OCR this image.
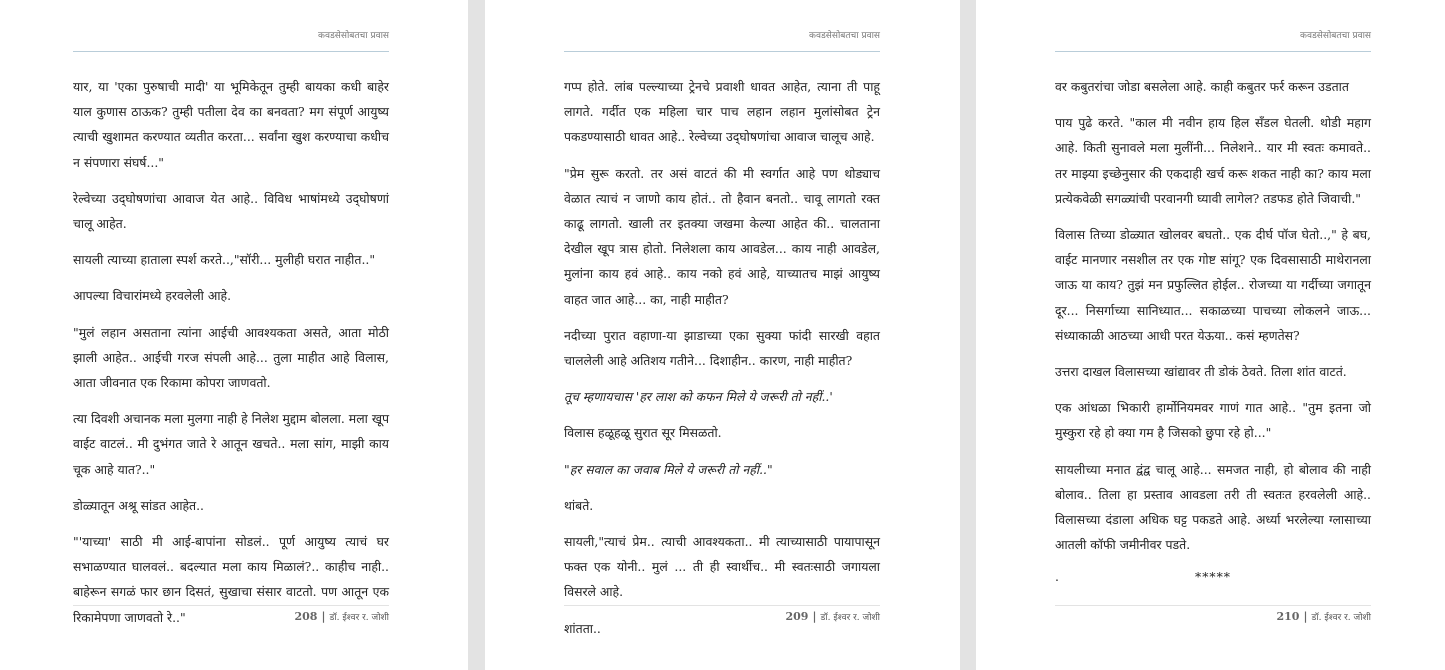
कवडसेसोबतचा प्रवास

यार, या 'एका पुरुषाची मादी' या भूमिकेतून तुम्ही बायका कधी बाहेर याल कुणास ठाऊक? तुम्ही पतीला देव का बनवता? मग संपूर्ण आयुष्य त्याची खुशामत करण्यात व्यतीत करता... सर्वांना खुश करण्याचा कधीच न संपणारा संघर्ष..."

रेल्वेच्या उद्‌घोषणांचा आवाज येत आहे.. विविध भाषांमध्ये उद्‌घोषणां चालू आहेत.

सायली त्याच्या हाताला स्पर्श करते..,"सॉरी... मुलीही घरात नाहीत.."

आपल्या विचारांमध्ये हरवलेली आहे.

"मुलं लहान असताना त्यांना आईची आवश्यकता असते, आता मोठी झाली आहेत.. आईची गरज संपली आहे... तुला माहीत आहे विलास, आता जीवनात एक रिकामा कोपरा जाणवतो.

त्या दिवशी अचानक मला मुलगा नाही हे निलेश मुद्दाम बोलला. मला खूप वाईट वाटलं.. मी दुभंगत जाते रे आतून खचते.. मला सांग, माझी काय चूक आहे यात?.."

डोळ्यातून अश्रू सांडत आहेत..

"'याच्या' साठी मी आई-बापांना सोडलं.. पूर्ण आयुष्य त्याचं घर सभाळण्यात घालवलं.. बदल्यात मला काय मिळालं?.. काहीच नाही.. बाहेरून सगळं फार छान दिसतं, सुखाचा संसार वाटतो. पण आतून एक रिकामेपणा जाणवतो रे.."	208 | डॉ. ईश्वर र. जोशी
कवडसेसोबतचा प्रवास

गप्प होते. लांब पल्ल्याच्या ट्रेनचे प्रवाशी धावत आहेत, त्याना ती पाहू लागते. गर्दीत एक महिला चार पाच लहान लहान मुलांसोबत ट्रेन पकडण्यासाठी धावत आहे.. रेल्वेच्या उद्‌घोषणांचा आवाज चालूच आहे.

"प्रेम सुरू करतो. तर असं वाटतं की मी स्वर्गात आहे पण थोड्याच वेळात त्याचं न जाणो काय होतं.. तो हैवान बनतो.. चावू लागतो रक्त काढू लागतो. खाली तर इतक्या जखमा केल्या आहेत की.. चालताना देखील खूप त्रास होतो. निलेशला काय आवडेल... काय नाही आवडेल, मुलांना काय हवं आहे.. काय नको हवं आहे, याच्यातच माझं आयुष्य वाहत जात आहे... का, नाही माहीत?

नदीच्या पुरात वहाणा-या झाडाच्या एका सुक्या फांदी सारखी वहात चाललेली आहे अतिशय गतीने... दिशाहीन.. कारण, नाही माहीत?

तूच म्हणायचास 'हर लाश को कफन मिले ये जरूरी तो नहीं..'

विलास हळूहळू सुरात सूर मिसळतो.

"हर सवाल का जवाब मिले ये जरूरी तो नहीं.."

थांबते.

सायली,"त्याचं प्रेम.. त्याची आवश्यकता.. मी त्याच्यासाठी पायापासून फक्त एक योनी.. मुलं ... ती ही स्वार्थीच.. मी स्वतःसाठी जगायला विसरले आहे.

शांतता..

209 | डॉ. ईश्वर र. जोशी
कवडसेसोबतचा प्रवास

वर कबुतरांचा जोडा बसलेला आहे. काही कबुतर फर्र करून उडतात

पाय पुढे करते. "काल मी नवीन हाय हिल सॅंडल घेतली. थोडी महाग आहे. किती सुनावले मला मुलींनी... निलेशने.. यार मी स्वतः कमावते.. तर माझ्या इच्छेनुसार की एकदाही खर्च करू शकत नाही का? काय मला प्रत्येकवेळी सगळ्यांची परवानगी घ्यावी लागेल? तडफड होते जिवाची."

विलास तिच्या डोळ्यात खोलवर बघतो.. एक दीर्घ पॉज घेतो..," हे बघ, वाईट मानणार नसशील तर एक गोष्ट सांगू? एक दिवसासाठी माथेरानला जाऊ या काय? तुझं मन प्रफुल्लित होईल.. रोजच्या या गर्दीच्या जगातून दूर... निसर्गाच्या सानिध्यात... सकाळच्या पाचच्या लोकलने जाऊ... संध्याकाळी आठच्या आधी परत येऊया.. कसं म्हणतेस?

उत्तरा दाखल विलासच्या खांद्यावर ती डोकं ठेवते. तिला शांत वाटतं.

एक आंधळा भिकारी हार्मोनियमवर गाणं गात आहे.. "तुम इतना जो मुस्कुरा रहे हो क्या गम है जिसको छुपा रहे हो..."

सायलीच्या मनात द्वंद्व चालू आहे... समजत नाही, हो बोलाव की नाही बोलाव.. तिला हा प्रस्ताव आवडला तरी ती स्वतःत हरवलेली आहे.. विलासच्या दंडाला अधिक घट्ट पकडते आहे. अर्ध्या भरलेल्या ग्लासाच्या आतली कॉफी जमीनीवर पडते.

.	*****

210 | डॉ. ईश्वर र. जोशी
